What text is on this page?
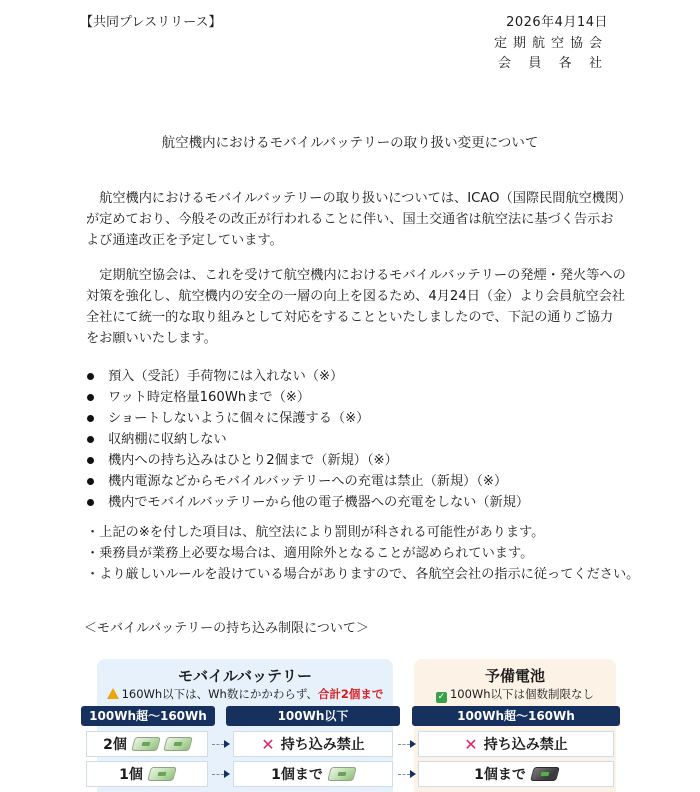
【共同プレスリリース】	2026年4月14日
定期航空協会
会員各社
航空機内におけるモバイルバッテリーの取り扱い変更について

航空機内におけるモバイルバッテリーの取り扱いについては、ICAO（国際民間航空機関）が定めており、今般その改正が行われることに伴い、国土交通省は航空法に基づく告示および通達改正を予定しています。

定期航空協会は、これを受けて航空機内におけるモバイルバッテリーの発煙・発火等への対策を強化し、航空機内の安全の一層の向上を図るため、4月24日（金）より会員航空会社全社にて統一的な取り組みとして対応をすることといたしましたので、下記の通りご協力をお願いいたします。

預入（受託）手荷物には入れない（※）
ワット時定格量160Whまで（※）
ショートしないように個々に保護する（※）
収納棚に収納しない
機内への持ち込みはひとり2個まで（新規）（※）
機内電源などからモバイルバッテリーへの充電は禁止（新規）（※）
機内でモバイルバッテリーから他の電子機器への充電をしない（新規）
・上記の※を付した項目は、航空法により罰則が科される可能性があります。
・乗務員が業務上必要な場合は、適用除外となることが認められています。
・より厳しいルールを設けている場合がありますので、各航空会社の指示に従ってください。
＜モバイルバッテリーの持ち込み制限について＞
モバイルバッテリー
160Wh以下は、Wh数にかかわらず、合計2個まで
予備電池
✓ 100Wh以下は個数制限なし
100Wh超～160Wh	100Wh以下	100Wh超～160Wh
2個	✕ 持ち込み禁止	✕ 持ち込み禁止
1個	1個まで	1個まで
